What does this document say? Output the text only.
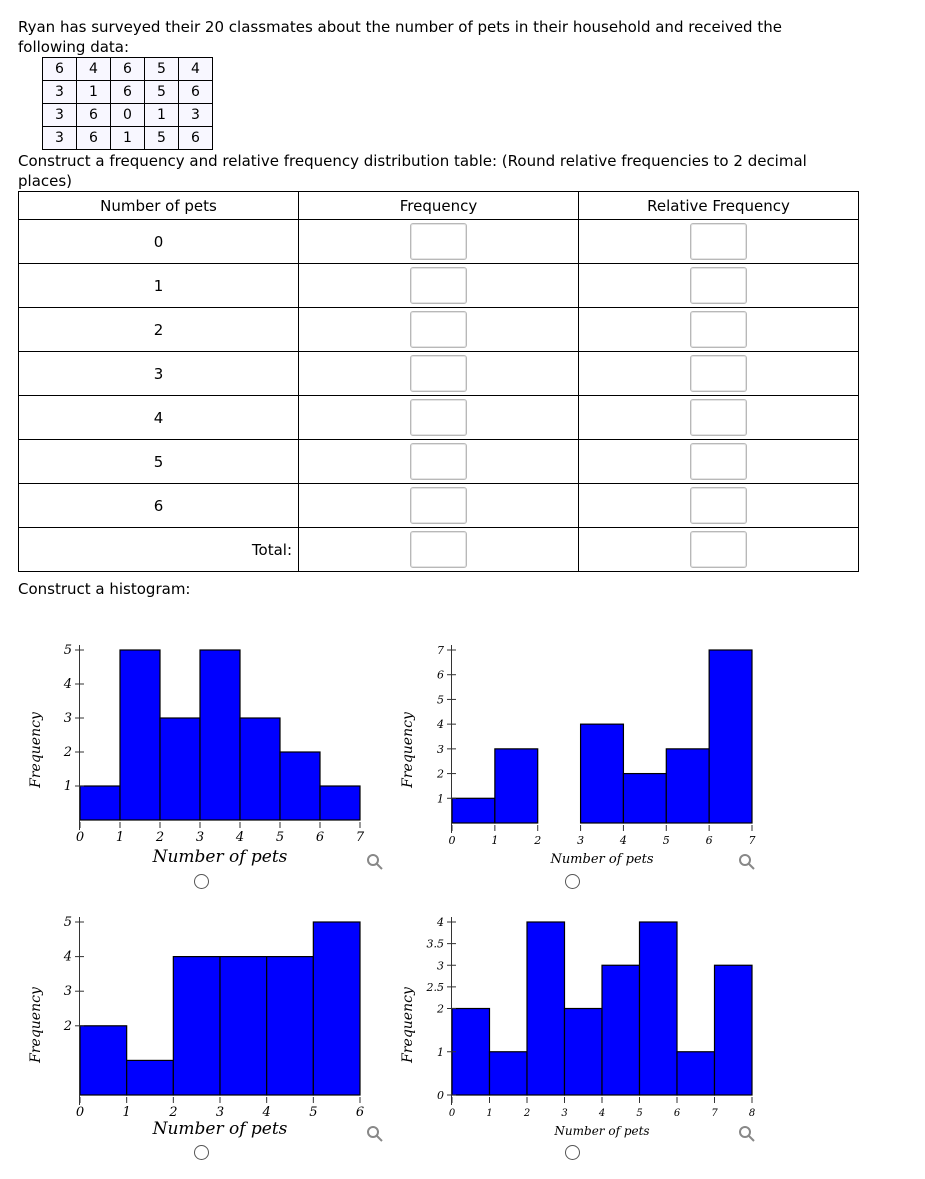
Ryan has surveyed their 20 classmates about the number of pets in their household and received the
following data:
6	4	6	5	4
3	1	6	5	6
3	6	0	1	3
3	6	1	5	6
Construct a frequency and relative frequency distribution table: (Round relative frequencies to 2 decimal
places)
Number of pets	Frequency	Relative Frequency
0		
1		
2		
3		
4		
5		
6		
Total:		
Construct a histogram:
1
2
3
4
5
0 1 2 3 4 5 6 7
Number of pets
Frequency
1
2
3
4
5
6
7
0	1	2	3	4	5	6	7
Number of pets
Frequency
2
3
4
5
0	1	2	3	4	5	6
Number of pets
Frequency
0
1
2
2.5
3
3.5
4
0	1	2	3	4	5	6	7	8
Number of pets
Frequency
